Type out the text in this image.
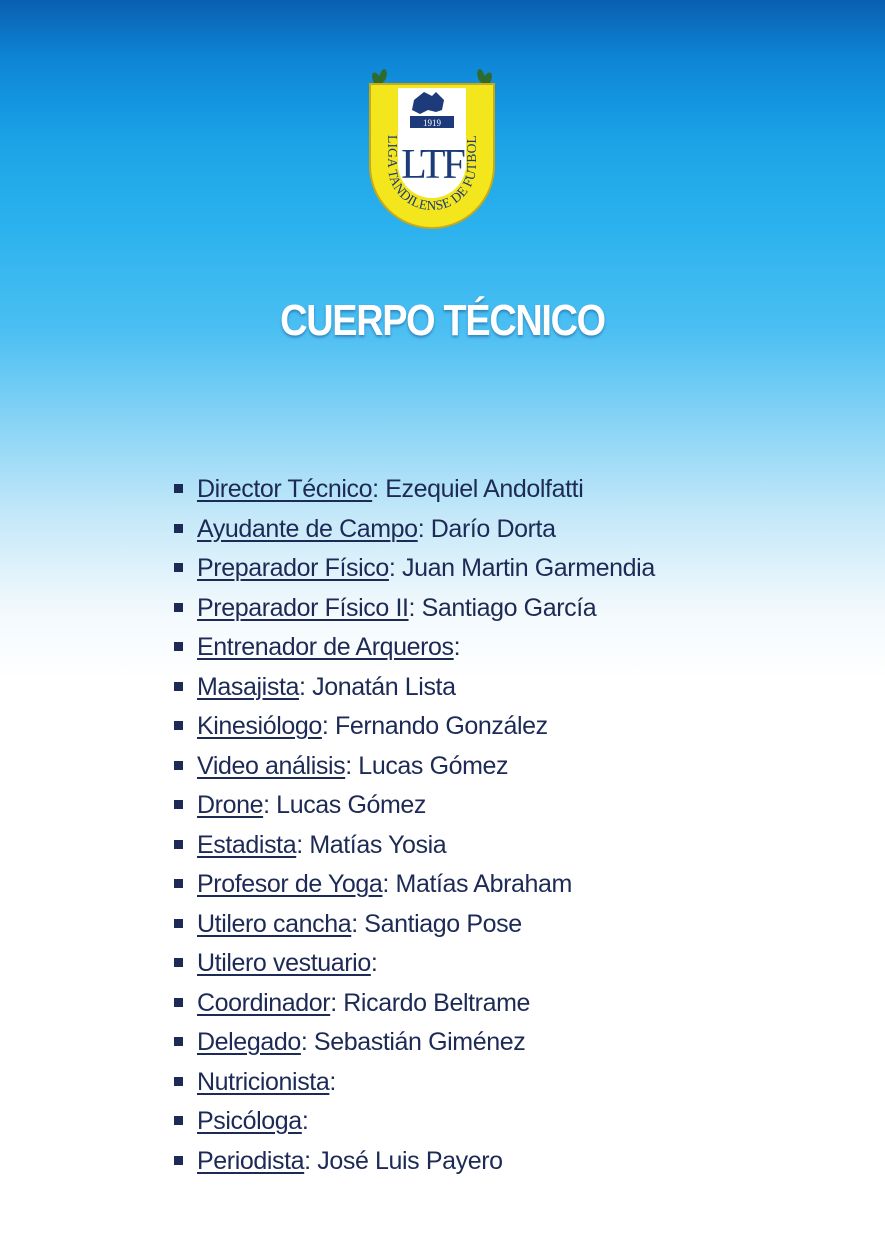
1919
LTF
LIGA TANDILENSE DE FUTBOL
CUERPO TÉCNICO
Director Técnico: Ezequiel Andolfatti
Ayudante de Campo: Darío Dorta
Preparador Físico: Juan Martin Garmendia
Preparador Físico II: Santiago García
Entrenador de Arqueros:
Masajista: Jonatán Lista
Kinesiólogo: Fernando González
Video análisis: Lucas Gómez
Drone: Lucas Gómez
Estadista: Matías Yosia
Profesor de Yoga: Matías Abraham
Utilero cancha: Santiago Pose
Utilero vestuario:
Coordinador: Ricardo Beltrame
Delegado: Sebastián Giménez
Nutricionista:
Psicóloga:
Periodista: José Luis Payero
